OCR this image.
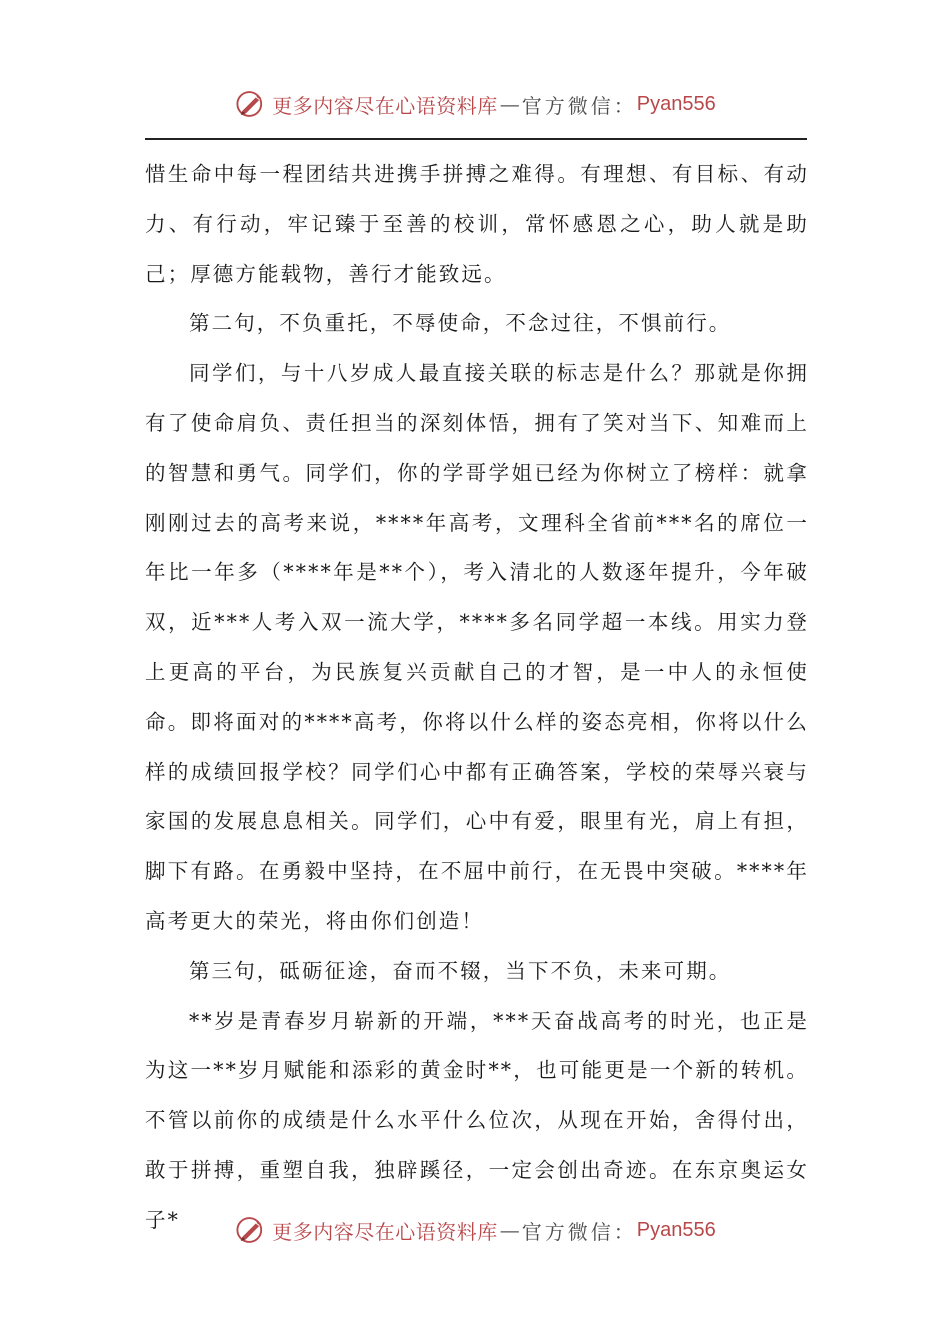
更多内容尽在心语资料库 — 官方微信： Pyan556

惜生命中每一程团结共进携手拼搏之难得。有理想、有目标、有动力、有行动，牢记臻于至善的校训，常怀感恩之心，助人就是助己；厚德方能载物，善行才能致远。

第二句，不负重托，不辱使命，不念过往，不惧前行。

同学们，与十八岁成人最直接关联的标志是什么？那就是你拥有了使命肩负、责任担当的深刻体悟，拥有了笑对当下、知难而上的智慧和勇气。同学们，你的学哥学姐已经为你树立了榜样：就拿刚刚过去的高考来说，****年高考，文理科全省前***名的席位一年比一年多（****年是**个），考入清北的人数逐年提升，今年破双，近***人考入双一流大学，****多名同学超一本线。用实力登上更高的平台，为民族复兴贡献自己的才智，是一中人的永恒使命。即将面对的****高考，你将以什么样的姿态亮相，你将以什么样的成绩回报学校？同学们心中都有正确答案，学校的荣辱兴衰与家国的发展息息相关。同学们，心中有爱，眼里有光，肩上有担，脚下有路。在勇毅中坚持，在不屈中前行，在无畏中突破。****年高考更大的荣光，将由你们创造！

第三句，砥砺征途，奋而不辍，当下不负，未来可期。

**岁是青春岁月崭新的开端，***天奋战高考的时光，也正是为这一**岁月赋能和添彩的黄金时**，也可能更是一个新的转机。不管以前你的成绩是什么水平什么位次，从现在开始，舍得付出，敢于拼搏，重塑自我，独辟蹊径，一定会创出奇迹。在东京奥运女子*	更多内容尽在心语资料库 — 官方微信： Pyan556
